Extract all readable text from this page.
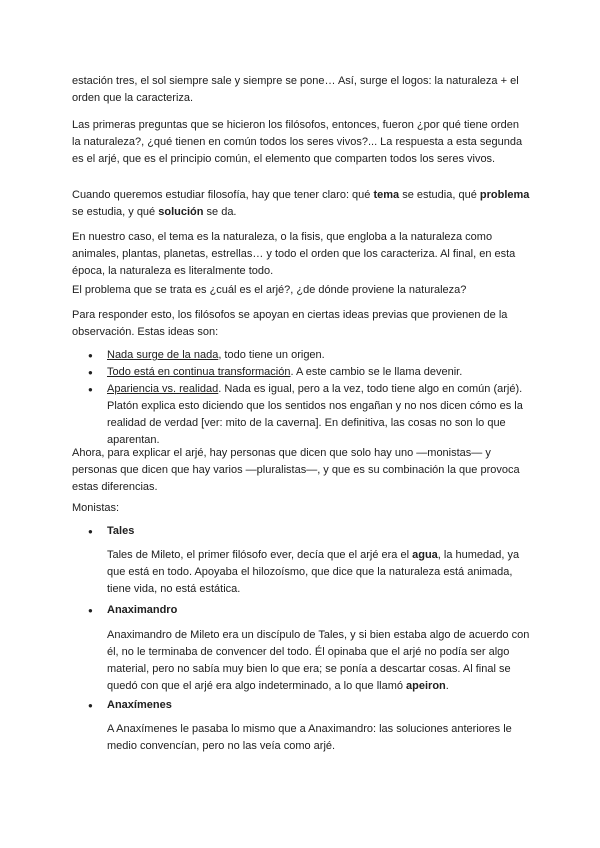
estación tres, el sol siempre sale y siempre se pone… Así, surge el logos: la naturaleza + el
orden que la caracteriza.

Las primeras preguntas que se hicieron los filósofos, entonces, fueron ¿por qué tiene orden la naturaleza?, ¿qué tienen en común todos los seres vivos?... La respuesta a esta segunda es el arjé, que es el principio común, el elemento que comparten todos los seres vivos.

Cuando queremos estudiar filosofía, hay que tener claro: qué tema se estudia, qué problema se estudia, y qué solución se da.

En nuestro caso, el tema es la naturaleza, o la fisis, que engloba a la naturaleza como animales, plantas, planetas, estrellas… y todo el orden que los caracteriza. Al final, en esta época, la naturaleza es literalmente todo.

El problema que se trata es ¿cuál es el arjé?, ¿de dónde proviene la naturaleza?

Para responder esto, los filósofos se apoyan en ciertas ideas previas que provienen de la observación. Estas ideas son:

● Nada surge de la nada, todo tiene un origen.
● Todo está en continua transformación. A este cambio se le llama devenir.
● Apariencia vs. realidad. Nada es igual, pero a la vez, todo tiene algo en común (arjé). Platón explica esto diciendo que los sentidos nos engañan y no nos dicen cómo es la realidad de verdad [ver: mito de la caverna]. En definitiva, las cosas no son lo que aparentan.

Ahora, para explicar el arjé, hay personas que dicen que solo hay uno —monistas— y personas que dicen que hay varios —pluralistas—, y que es su combinación la que provoca estas diferencias.

Monistas:

● Tales

Tales de Mileto, el primer filósofo ever, decía que el arjé era el agua, la humedad, ya que está en todo. Apoyaba el hilozoísmo, que dice que la naturaleza está animada, tiene vida, no está estática.

● Anaximandro

Anaximandro de Mileto era un discípulo de Tales, y si bien estaba algo de acuerdo con él, no le terminaba de convencer del todo. Él opinaba que el arjé no podía ser algo material, pero no sabía muy bien lo que era; se ponía a descartar cosas. Al final se quedó con que el arjé era algo indeterminado, a lo que llamó apeiron.

● Anaxímenes

A Anaxímenes le pasaba lo mismo que a Anaximandro: las soluciones anteriores le medio convencían, pero no las veía como arjé.
